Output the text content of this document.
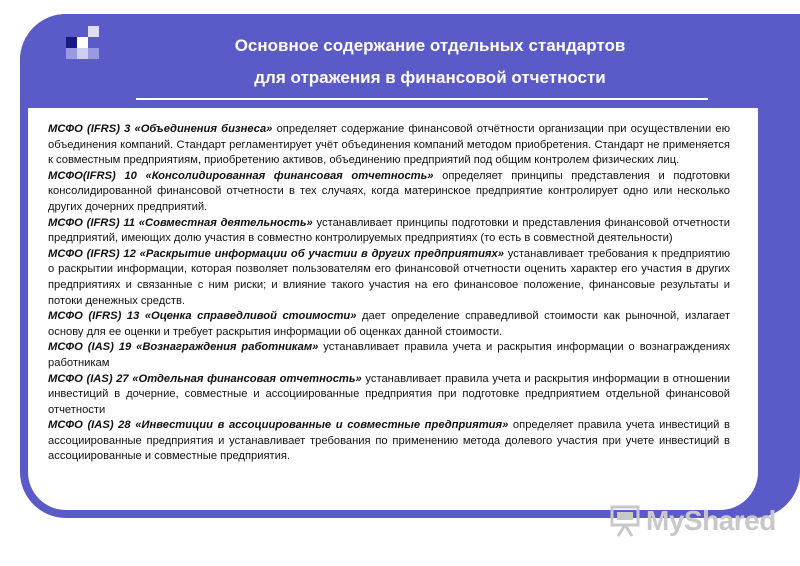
Основное содержание отдельных стандартов
для отражения в финансовой отчетности

МСФО (IFRS) 3 «Объединения бизнеса» определяет содержание финансовой отчётности организации при осуществлении ею объединения компаний. Стандарт регламентирует учёт объединения компаний методом приобретения. Стандарт не применяется к совместным предприятиям, приобретению активов, объединению предприятий под общим контролем физических лиц.

МСФО(IFRS) 10 «Консолидированная финансовая отчетность» определяет принципы представления и подготовки консолидированной финансовой отчетности в тех случаях, когда материнское предприятие контролирует одно или несколько других дочерних предприятий.

МСФО (IFRS) 11 «Совместная деятельность» устанавливает принципы подготовки и представления финансовой отчетности предприятий, имеющих долю участия в совместно контролируемых предприятиях (то есть в совместной деятельности)

МСФО (IFRS) 12 «Раскрытие информации об участии в других предприятиях» устанавливает требования к предприятию о раскрытии информации, которая позволяет пользователям его финансовой отчетности оценить характер его участия в других предприятиях и связанные с ним риски; и влияние такого участия на его финансовое положение, финансовые результаты и потоки денежных средств.

МСФО (IFRS) 13 «Оценка справедливой стоимости» дает определение справедливой стоимости как рыночной, излагает основу для ее оценки и требует раскрытия информации об оценках данной стоимости.

МСФО (IAS) 19 «Вознаграждения работникам» устанавливает правила учета и раскрытия информации о вознаграждениях работникам

МСФО (IAS) 27 «Отдельная финансовая отчетность» устанавливает правила учета и раскрытия информации в отношении инвестиций в дочерние, совместные и ассоциированные предприятия при подготовке предприятием отдельной финансовой отчетности

МСФО (IAS) 28 «Инвестиции в ассоциированные и совместные предприятия» определяет правила учета инвестиций в ассоциированные предприятия и устанавливает требования по применению метода долевого участия при учете инвестиций в ассоциированные и совместные предприятия.

MyShared
